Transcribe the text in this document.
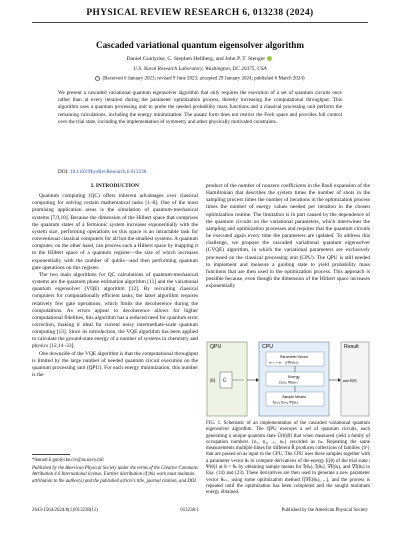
PHYSICAL REVIEW RESEARCH 6, 013238 (2024)
Cascaded variational quantum eigensolver algorithm
Daniel Gunlycke, C. Stephen Hellberg, and John P. T. Stenger
U.S. Naval Research Laboratory, Washington, DC 20375, USA
(Received 6 January 2023; revised 9 June 2023; accepted 29 January 2024; published 6 March 2024)
We present a cascaded variational quantum eigensolver algorithm that only requires the execution of a set of quantum circuits once rather than at every iteration during the parameter optimization process, thereby increasing the computational throughput. This algorithm uses a quantum processing unit to probe the needed probability mass functions and a classical processing unit perform the remaining calculations, including the energy minimization. The ansatz form does not restrict the Fock space and provides full control over the trial state, including the implementation of symmetry and other physically motivated constraints.
DOI: 10.1103/PhysRevResearch.6.013238
I. INTRODUCTION

Quantum computing (QC) offers inherent advantages over classical computing for solving certain mathematical tasks [1–8]. One of the most promising application areas is the simulation of quantum-mechanical systems [7,9,10]. Because the dimension of the Hilbert space that comprises the quantum states of a fermionic system increases exponentially with the system size, performing operations on this space is an intractable task for conventional classical computers for all but the smallest systems. A quantum computer, on the other hand, can process such a Hilbert space by mapping it to the Hilbert space of a quantum register—the size of which increases exponentially with the number of qubits—and then performing quantum gate operations on this register.

The two main algorithms for QC calculations of quantum-mechanical systems are the quantum phase estimation algorithm [11] and the variational quantum eigensolver (VQE) algorithm [12]. By recruiting classical computers for computationally efficient tasks, the latter algorithm requires relatively few gate operations, which limits the decoherence during the computations. As errors appear to decoherence allows for higher computational fidelities, this algorithm has a reduced need for quantum error correction, making it ideal for current noisy intermediate-scale quantum computing [13]. Since its introduction, the VQE algorithm has been applied to calculate the ground-state energy of a number of systems in chemistry and physics [12,14–33].

One downside of the VQE algorithm is that the computational throughput is limited by the large number of needed quantum circuit execution on the quantum processing unit (QPU). For each energy minimization, this number is the

*lennart.k.gunlycke.civ@us.navy.mil

Published by the American Physical Society under the terms of the Creative Commons Attribution 4.0 International license. Further distribution of this work must maintain attribution to the author(s) and the published article's title, journal citation, and DOI.

product of the number of nonzero coefficients in the Pauli expansion of the Hamiltonian that describes the system times the number of shots in the sampling process times the number of iterations in the optimization process times the number of energy values needed per iteration in the chosen optimization routine. The limitation is in part caused by the dependence of the quantum circuits on the variational parameters, which intertwines the sampling and optimization processes and requires that the quantum circuits be executed again every time the parameters are updated. To address this challenge, we propose the cascaded variational quantum eigensolver (CVQE) algorithm, in which the variational parameters are exclusively processed on the classical processing unit (CPU). The QPU is still needed to implement and measure a guiding state to yield probability mass functions that are then used in the optimization process. This approach is possible because, even though the dimension of the Hilbert space increases exponentially

QPU
|0⟩ Û
CPU
Parameter Vector
θₖ₊₁ = θₖ − f[∇E(θₖ)]
Energy
E(θₖ), ∇E(θₖ)
Sample Means
Ī(θₖ), Ī(θₖ), ∇Ī(θₖ)
Result
min E(θ)
FIG. 1. Schematic of an implementation of the cascaded variational quantum eigensolver algorithm. The QPU executes a set of quantum circuits, each generating a unique quantum state Û(θ)|0⟩ that when measured yield a family of occupation numbers {n₁, n₂, ..., nₙ} recorded as nₖ. Repeating the same measurements multiple times for different Ř produces collections of families {nᵏ} that are passed on as input to the CPU. The CPU uses these samples together with a parameter vector θₖ to compute derivatives of the energy E(θ) of the trial state |Ψ(θ)⟩ at θ = θₖ by obtaining sample means for Ī(θₖ), Ī(θₖ), ∇Ī(θₖ), and ∇Ī(θₖ) in Eqs. (14) and (23). These derivatives are then used to generate a new parameter vector θₖ₊₁ using some optimization method f[∇E(θₖ), ...], and the process is repeated until the optimization has been completed and the sought minimum energy obtained.
2643-1564/2024/6(1)/013238(11)	013238-1	Published by the American Physical Society
